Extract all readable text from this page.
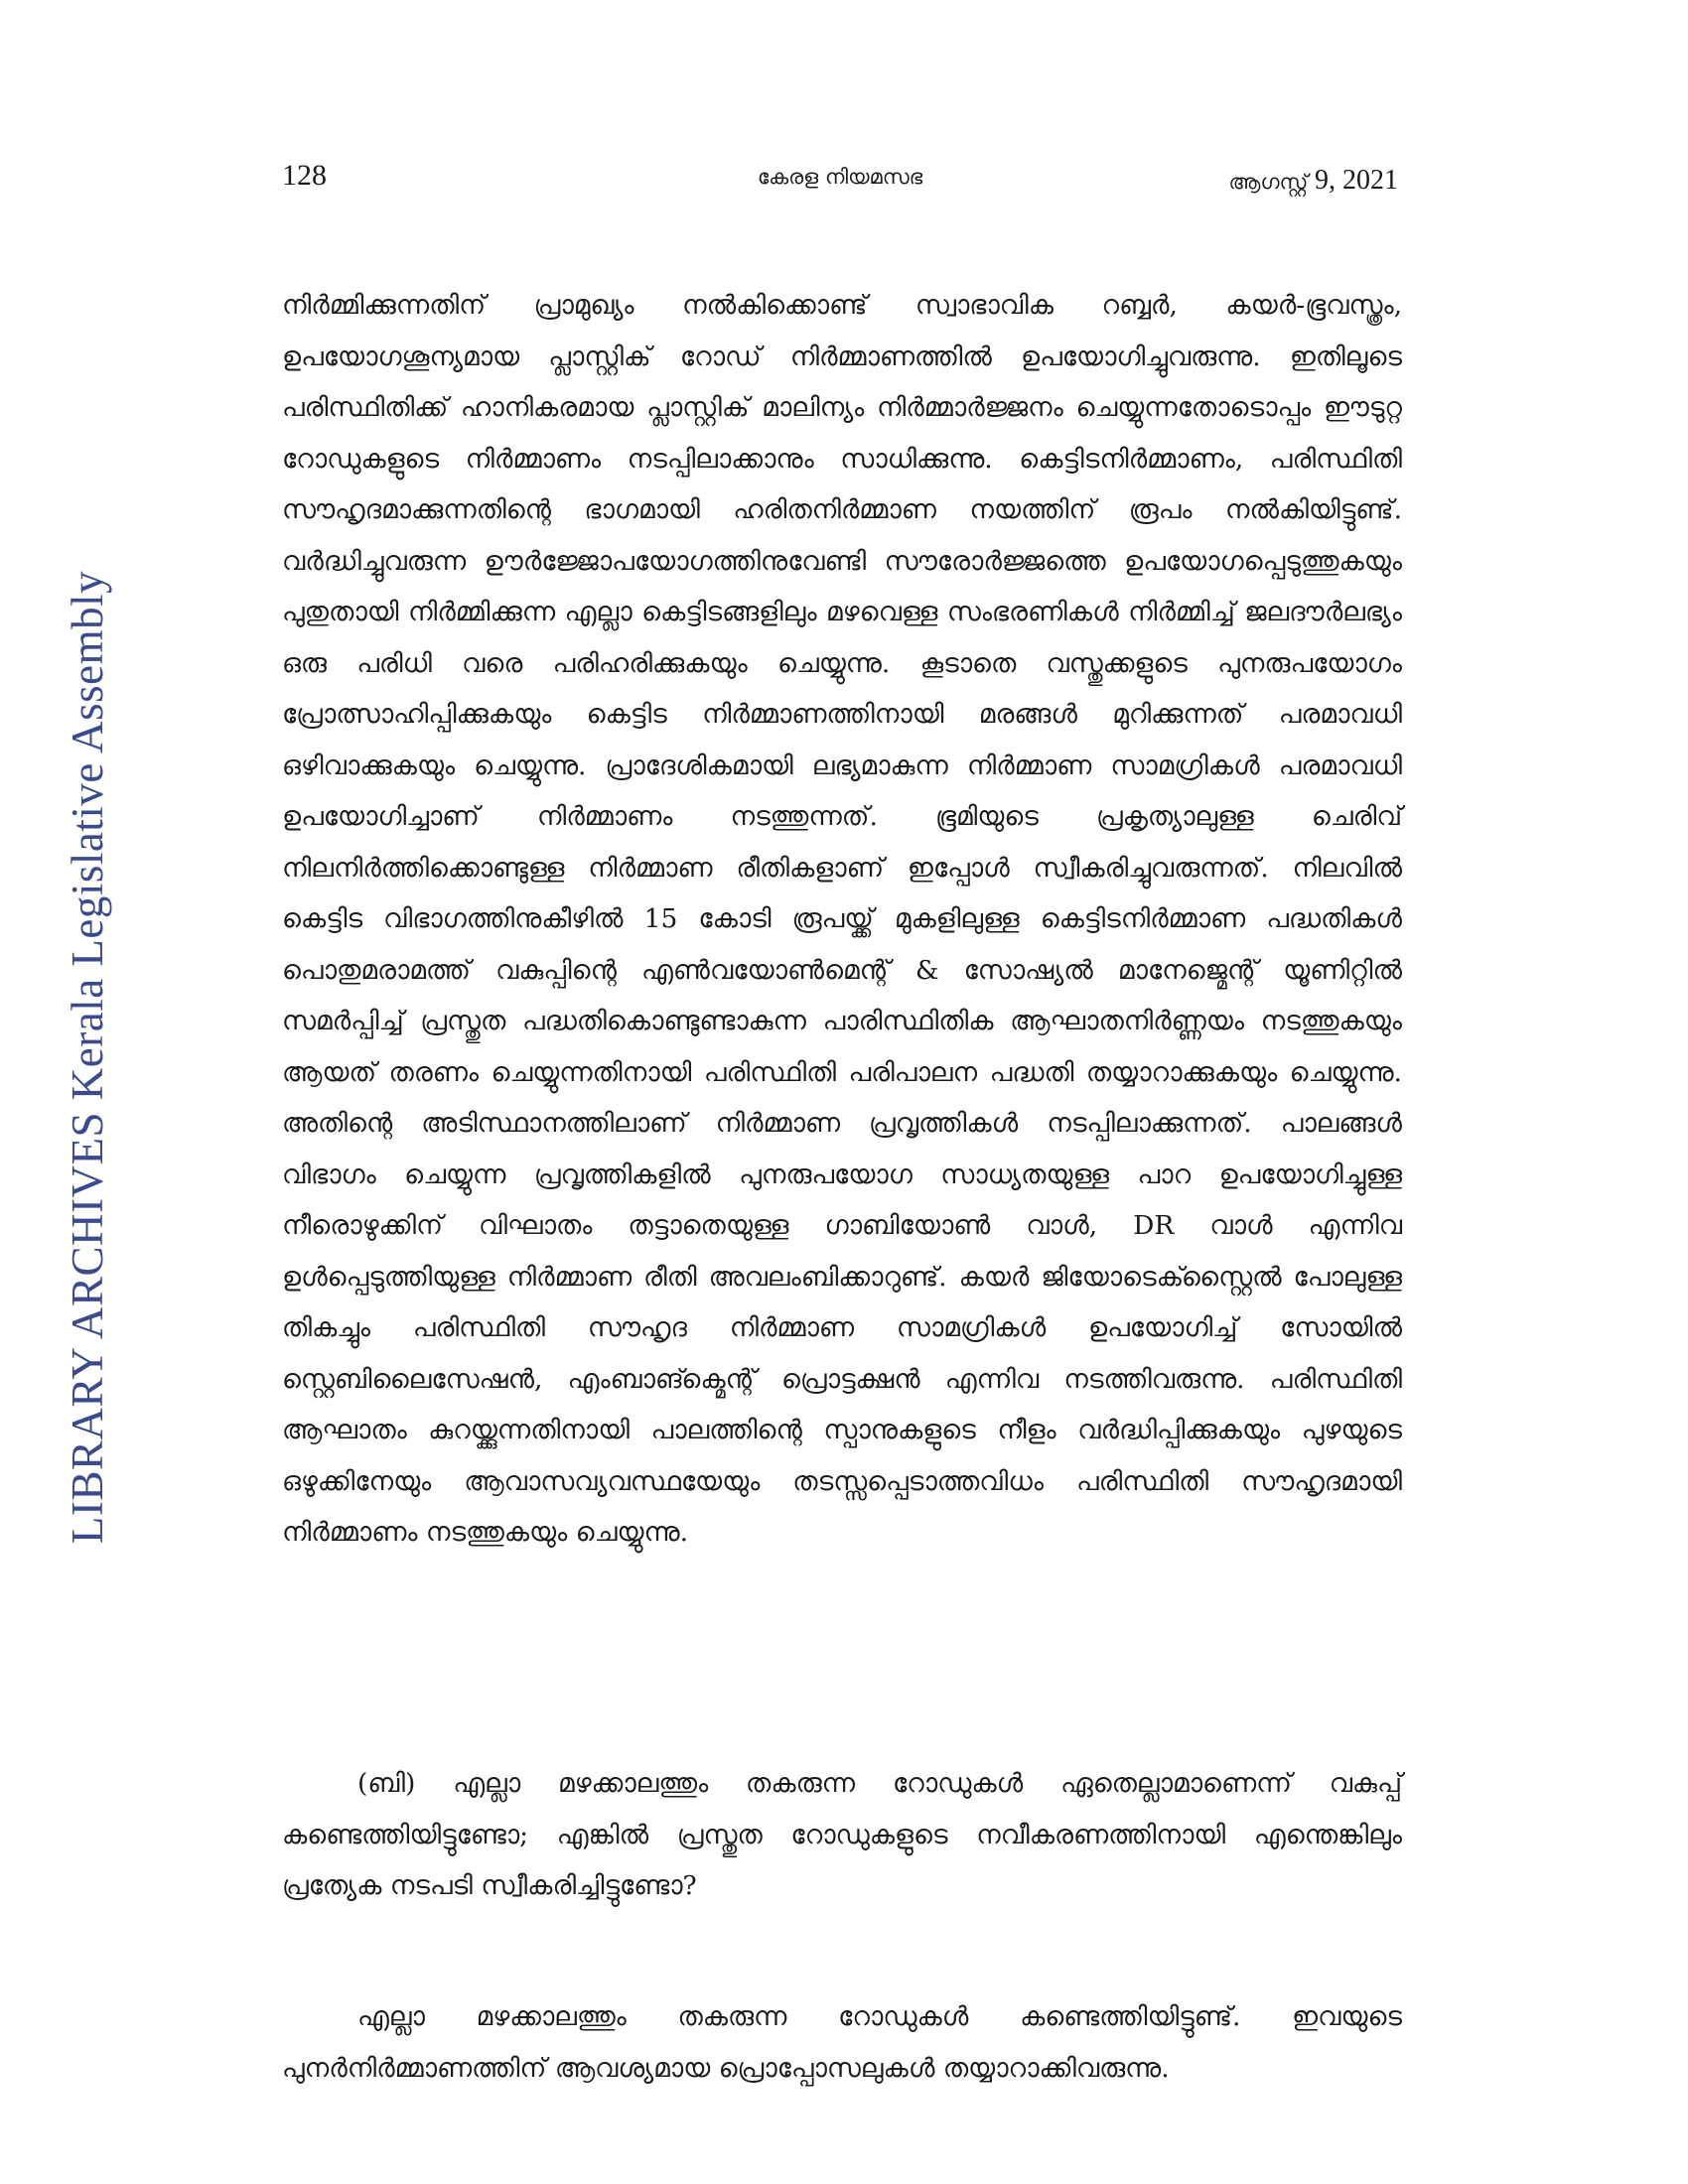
LIBRARY ARCHIVES Kerala Legislative Assembly
128	കേരള നിയമസഭ	ആഗസ്റ്റ് 9, 2021

നിർമ്മിക്കുന്നതിന് പ്രാമുഖ്യം നൽകിക്കൊണ്ട് സ്വാഭാവിക റബ്ബർ, കയർ-ഭൂവസ്ത്രം, ഉപയോഗശൂന്യമായ പ്ലാസ്റ്റിക് റോഡ് നിർമ്മാണത്തിൽ ഉപയോഗിച്ചുവരുന്നു. ഇതിലൂടെ പരിസ്ഥിതിക്ക് ഹാനികരമായ പ്ലാസ്റ്റിക് മാലിന്യം നിർമ്മാർജ്ജനം ചെയ്യുന്നതോടൊപ്പം ഈടുറ്റ റോഡുകളുടെ നിർമ്മാണം നടപ്പിലാക്കാനും സാധിക്കുന്നു. കെട്ടിടനിർമ്മാണം, പരിസ്ഥിതി സൗഹൃദമാക്കുന്നതിന്റെ ഭാഗമായി ഹരിതനിർമ്മാണ നയത്തിന് രൂപം നൽകിയിട്ടുണ്ട്. വർദ്ധിച്ചുവരുന്ന ഊർജ്ജോപയോഗത്തിനുവേണ്ടി സൗരോർജ്ജത്തെ ഉപയോഗപ്പെടുത്തുകയും പുതുതായി നിർമ്മിക്കുന്ന എല്ലാ കെട്ടിടങ്ങളിലും മഴവെള്ള സംഭരണികൾ നിർമ്മിച്ച് ജലദൗർലഭ്യം ഒരു പരിധി വരെ പരിഹരിക്കുകയും ചെയ്യുന്നു. കൂടാതെ വസ്തുക്കളുടെ പുനരുപയോഗം പ്രോത്സാഹിപ്പിക്കുകയും കെട്ടിട നിർമ്മാണത്തിനായി മരങ്ങൾ മുറിക്കുന്നത് പരമാവധി ഒഴിവാക്കുകയും ചെയ്യുന്നു. പ്രാദേശികമായി ലഭ്യമാകുന്ന നിർമ്മാണ സാമഗ്രികൾ പരമാവധി ഉപയോഗിച്ചാണ് നിർമ്മാണം നടത്തുന്നത്. ഭൂമിയുടെ പ്രകൃത്യാലുള്ള ചെരിവ് നിലനിർത്തിക്കൊണ്ടുള്ള നിർമ്മാണ രീതികളാണ് ഇപ്പോൾ സ്വീകരിച്ചുവരുന്നത്. നിലവിൽ കെട്ടിട വിഭാഗത്തിനുകീഴിൽ 15 കോടി രൂപയ്ക്ക് മുകളിലുള്ള കെട്ടിടനിർമ്മാണ പദ്ധതികൾ പൊതുമരാമത്ത് വകുപ്പിന്റെ എൺവയോൺമെന്റ് & സോഷ്യൽ മാനേജ്മെന്റ് യൂണിറ്റിൽ സമർപ്പിച്ച് പ്രസ്തുത പദ്ധതികൊണ്ടുണ്ടാകുന്ന പാരിസ്ഥിതിക ആഘാതനിർണ്ണയം നടത്തുകയും ആയത് തരണം ചെയ്യുന്നതിനായി പരിസ്ഥിതി പരിപാലന പദ്ധതി തയ്യാറാക്കുകയും ചെയ്യുന്നു. അതിന്റെ അടിസ്ഥാനത്തിലാണ് നിർമ്മാണ പ്രവൃത്തികൾ നടപ്പിലാക്കുന്നത്. പാലങ്ങൾ വിഭാഗം ചെയ്യുന്ന പ്രവൃത്തികളിൽ പുനരുപയോഗ സാധ്യതയുള്ള പാറ ഉപയോഗിച്ചുള്ള നീരൊഴുക്കിന് വിഘാതം തട്ടാതെയുള്ള ഗാബിയോൺ വാൾ, DR വാൾ എന്നിവ ഉൾപ്പെടുത്തിയുള്ള നിർമ്മാണ രീതി അവലംബിക്കാറുണ്ട്. കയർ ജിയോടെക്സ്റ്റൈൽ പോലുള്ള തികച്ചും പരിസ്ഥിതി സൗഹൃദ നിർമ്മാണ സാമഗ്രികൾ ഉപയോഗിച്ച് സോയിൽ സ്റ്റെബിലൈസേഷൻ, എംബാങ്ക്മെന്റ് പ്രൊട്ടക്ഷൻ എന്നിവ നടത്തിവരുന്നു. പരിസ്ഥിതി ആഘാതം കുറയ്ക്കുന്നതിനായി പാലത്തിന്റെ സ്പാനുകളുടെ നീളം വർദ്ധിപ്പിക്കുകയും പുഴയുടെ ഒഴുക്കിനേയും ആവാസവ്യവസ്ഥയേയും തടസ്സപ്പെടാത്തവിധം പരിസ്ഥിതി സൗഹൃദമായി നിർമ്മാണം നടത്തുകയും ചെയ്യുന്നു.

(ബി) എല്ലാ മഴക്കാലത്തും തകരുന്ന റോഡുകൾ ഏതെല്ലാമാണെന്ന് വകുപ്പ് കണ്ടെത്തിയിട്ടുണ്ടോ; എങ്കിൽ പ്രസ്തുത റോഡുകളുടെ നവീകരണത്തിനായി എന്തെങ്കിലും പ്രത്യേക നടപടി സ്വീകരിച്ചിട്ടുണ്ടോ?

എല്ലാ മഴക്കാലത്തും തകരുന്ന റോഡുകൾ കണ്ടെത്തിയിട്ടുണ്ട്. ഇവയുടെ പുനർനിർമ്മാണത്തിന് ആവശ്യമായ പ്രൊപ്പോസലുകൾ തയ്യാറാക്കിവരുന്നു.
